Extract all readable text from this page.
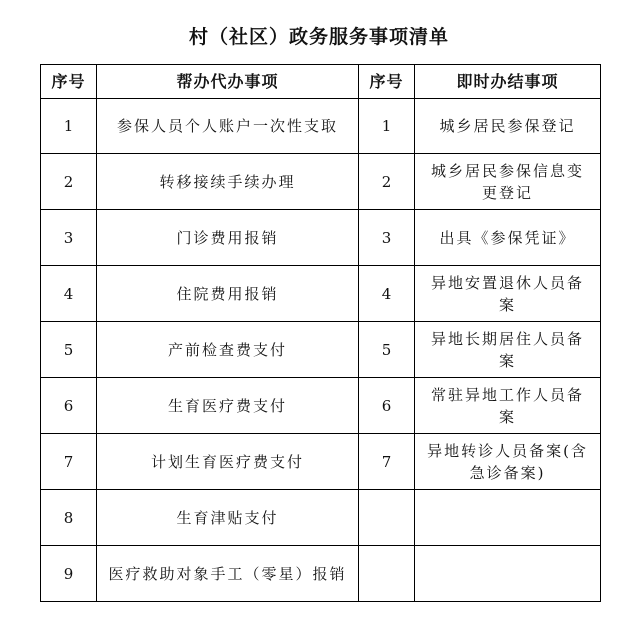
村（社区）政务服务事项清单
序号	帮办代办事项	序号	即时办结事项
1	参保人员个人账户一次性支取	1	城乡居民参保登记
2	转移接续手续办理	2	城乡居民参保信息变更登记
3	门诊费用报销	3	出具《参保凭证》
4	住院费用报销	4	异地安置退休人员备案
5	产前检查费支付	5	异地长期居住人员备案
6	生育医疗费支付	6	常驻异地工作人员备案
7	计划生育医疗费支付	7	异地转诊人员备案(含急诊备案)
8	生育津贴支付		
9	医疗救助对象手工（零星）报销		
